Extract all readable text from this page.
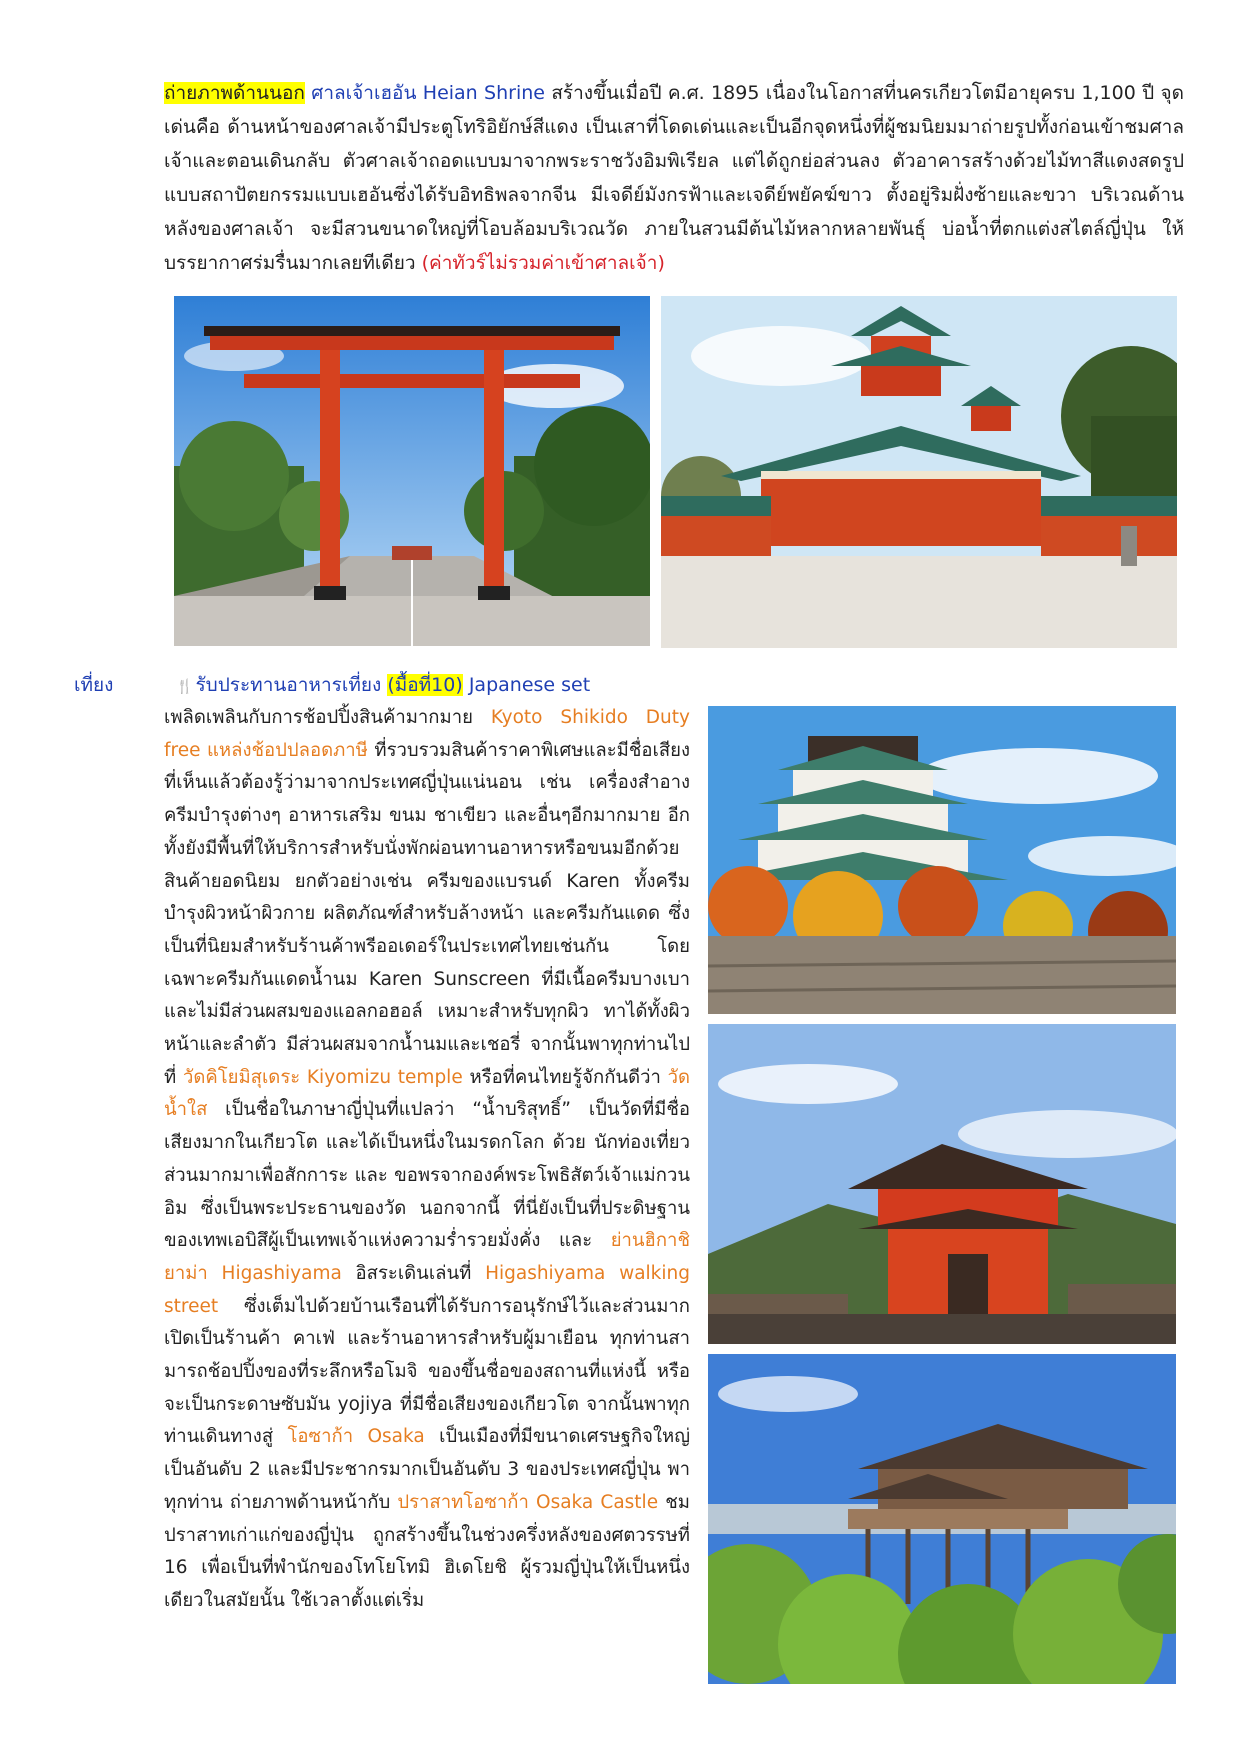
ถ่ายภาพด้านนอก ศาลเจ้าเฮอัน Heian Shrine สร้างขึ้นเมื่อปี ค.ศ. 1895 เนื่องในโอกาสที่นครเกียวโตมีอายุครบ 1,100 ปี จุดเด่นคือ ด้านหน้าของศาลเจ้ามีประตูโทริอิยักษ์สีแดง เป็นเสาที่โดดเด่นและเป็นอีกจุดหนึ่งที่ผู้ชมนิยมมาถ่ายรูปทั้งก่อนเข้าชมศาลเจ้าและตอนเดินกลับ ตัวศาลเจ้าถอดแบบมาจากพระราชวังอิมพิเรียล แต่ได้ถูกย่อส่วนลง ตัวอาคารสร้างด้วยไม้ทาสีแดงสดรูปแบบสถาปัตยกรรมแบบเฮอันซึ่งได้รับอิทธิพลจากจีน มีเจดีย์มังกรฟ้าและเจดีย์พยัคฆ์ขาว ตั้งอยู่ริมฝั่งซ้ายและขวา บริเวณด้านหลังของศาลเจ้า จะมีสวนขนาดใหญ่ที่โอบล้อมบริเวณวัด ภายในสวนมีต้นไม้หลากหลายพันธุ์ บ่อน้ำที่ตกแต่งสไตล์ญี่ปุ่น ให้บรรยากาศร่มรื่นมากเลยทีเดียว (ค่าทัวร์ไม่รวมค่าเข้าศาลเจ้า)
เที่ยง	🍴 รับประทานอาหารเที่ยง (มื้อที่10) Japanese set
เพลิดเพลินกับการช้อปปิ้งสินค้ามากมาย Kyoto Shikido Duty free แหล่งช้อปปลอดภาษี ที่รวบรวมสินค้าราคาพิเศษและมีชื่อเสียงที่เห็นแล้วต้องรู้ว่ามาจากประเทศญี่ปุ่นแน่นอน เช่น เครื่องสำอาง ครีมบำรุงต่างๆ อาหารเสริม ขนม ชาเขียว และอื่นๆอีกมากมาย อีกทั้งยังมีพื้นที่ให้บริการสำหรับนั่งพักผ่อนทานอาหารหรือขนมอีกด้วย สินค้ายอดนิยม ยกตัวอย่างเช่น ครีมของแบรนด์ Karen ทั้งครีมบำรุงผิวหน้าผิวกาย ผลิตภัณฑ์สำหรับล้างหน้า และครีมกันแดด ซึ่งเป็นที่นิยมสำหรับร้านค้าพรีออเดอร์ในประเทศไทยเช่นกัน โดยเฉพาะครีมกันแดดน้ำนม Karen Sunscreen ที่มีเนื้อครีมบางเบา และไม่มีส่วนผสมของแอลกอฮอล์ เหมาะสำหรับทุกผิว ทาได้ทั้งผิวหน้าและลำตัว มีส่วนผสมจากน้ำนมและเชอรี่ จากนั้นพาทุกท่านไปที่ วัดคิโยมิสุเดระ Kiyomizu temple หรือที่คนไทยรู้จักกันดีว่า วัดน้ำใส เป็นชื่อในภาษาญี่ปุ่นที่แปลว่า “น้ำบริสุทธิ์” เป็นวัดที่มีชื่อเสียงมากในเกียวโต และได้เป็นหนึ่งในมรดกโลก ด้วย นักท่องเที่ยวส่วนมากมาเพื่อสักการะ และ ขอพรจากองค์พระโพธิสัตว์เจ้าแม่กวนอิม ซึ่งเป็นพระประธานของวัด นอกจากนี้ ที่นี่ยังเป็นที่ประดิษฐานของเทพเอบิสึผู้เป็นเทพเจ้าแห่งความร่ำรวยมั่งคั่ง และ ย่านฮิกาชิยาม่า Higashiyama อิสระเดินเล่นที่ Higashiyama walking street ซึ่งเต็มไปด้วยบ้านเรือนที่ได้รับการอนุรักษ์ไว้และส่วนมากเปิดเป็นร้านค้า คาเฟ่ และร้านอาหารสำหรับผู้มาเยือน ทุกท่านสามารถช้อปปิ้งของที่ระลึกหรือโมจิ ของขึ้นชื่อของสถานที่แห่งนี้ หรือจะเป็นกระดาษซับมัน yojiya ที่มีชื่อเสียงของเกียวโต จากนั้นพาทุกท่านเดินทางสู่ โอซาก้า Osaka เป็นเมืองที่มีขนาดเศรษฐกิจใหญ่เป็นอันดับ 2 และมีประชากรมากเป็นอันดับ 3 ของประเทศญี่ปุ่น พาทุกท่าน ถ่ายภาพด้านหน้ากับ ปราสาทโอซาก้า Osaka Castle ชมปราสาทเก่าแก่ของญี่ปุ่น ถูกสร้างขึ้นในช่วงครึ่งหลังของศตวรรษที่ 16 เพื่อเป็นที่พำนักของโทโยโทมิ ฮิเดโยชิ ผู้รวมญี่ปุ่นให้เป็นหนึ่งเดียวในสมัยนั้น ใช้เวลาตั้งแต่เริ่ม
